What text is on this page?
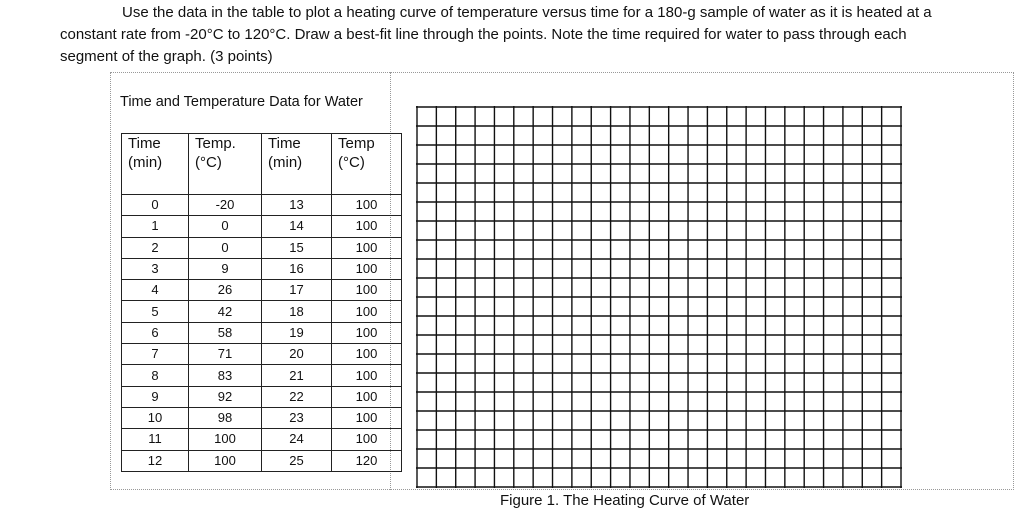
Use the data in the table to plot a heating curve of temperature versus time for a 180-g sample of water as it is heated at a constant rate from -20°C to 120°C. Draw a best-fit line through the points. Note the time required for water to pass through each segment of the graph. (3 points)

Time and Temperature Data for Water
Time (min)	Temp. (°C)	Time (min)	Temp (°C)
0	-20	13	100
1	0	14	100
2	0	15	100
3	9	16	100
4	26	17	100
5	42	18	100
6	58	19	100
7	71	20	100
8	83	21	100
9	92	22	100
10	98	23	100
11	100	24	100
12	100	25	120
Figure 1. The Heating Curve of Water
